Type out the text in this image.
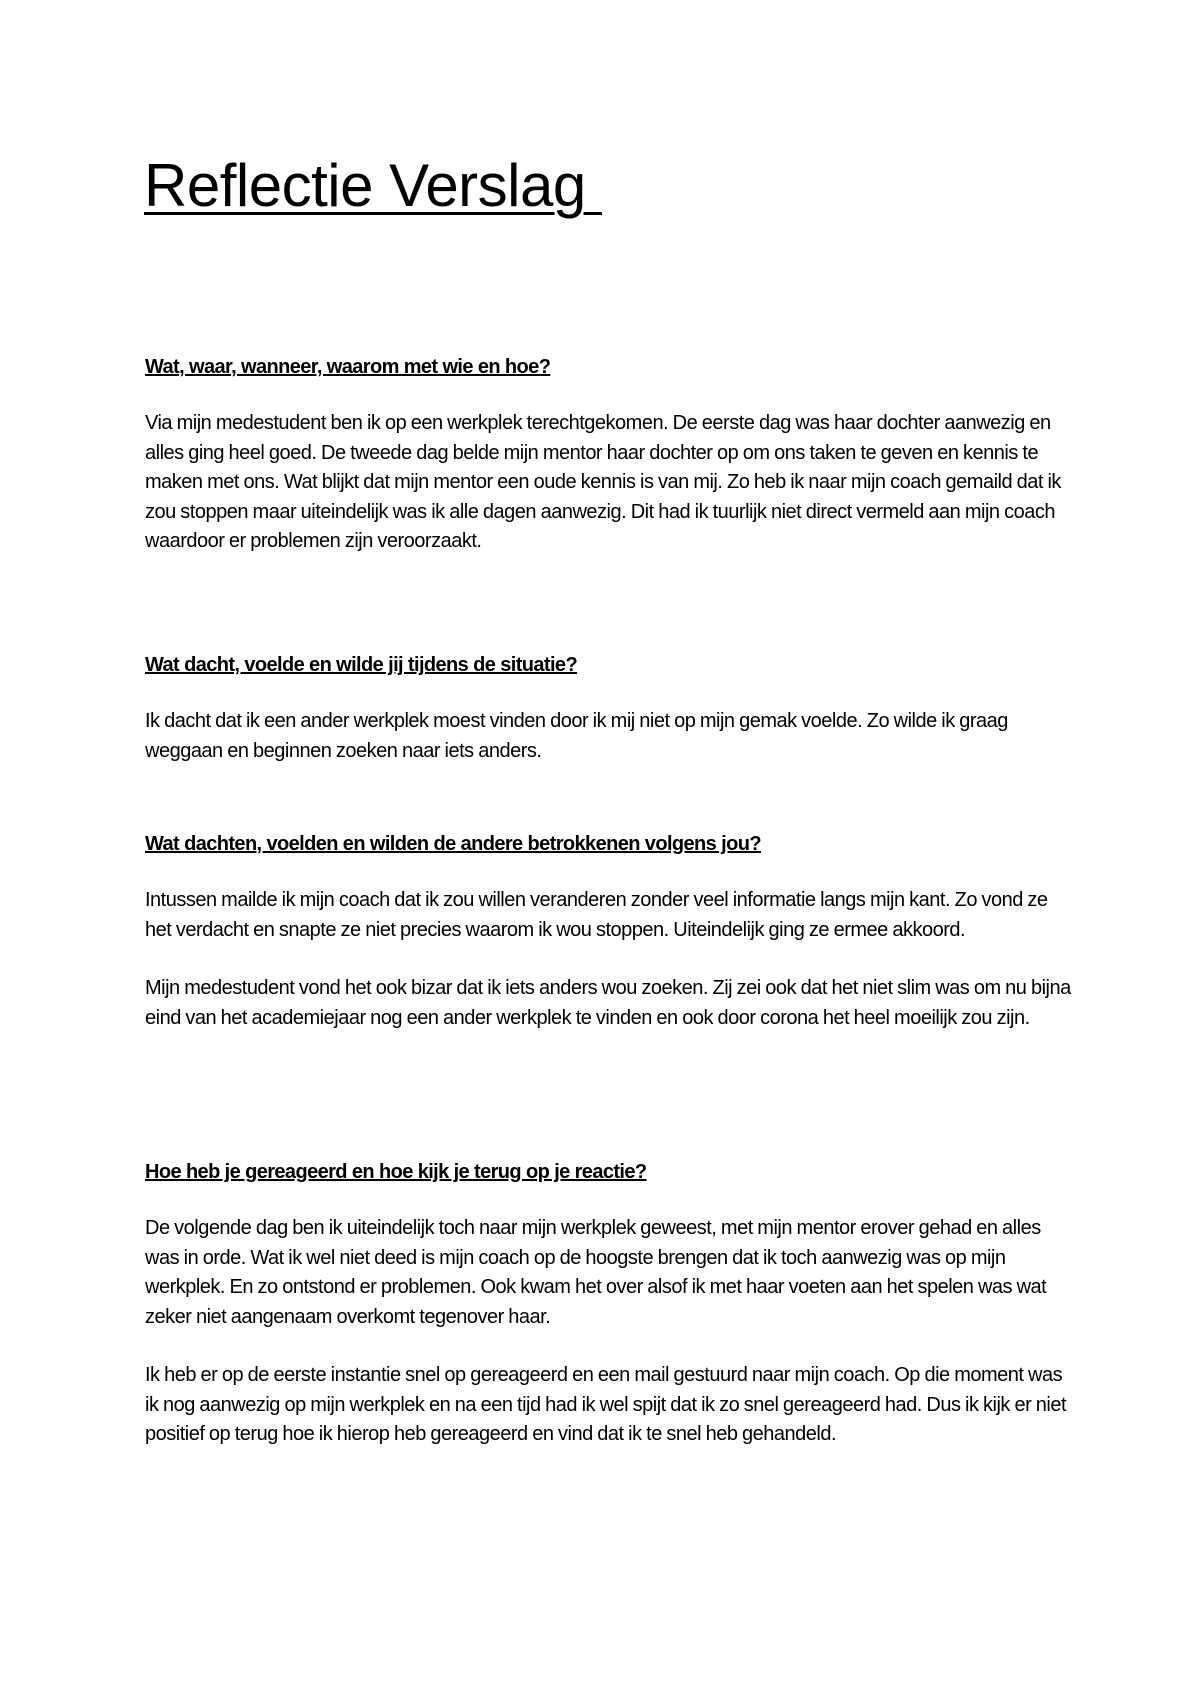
Reflectie Verslag
Wat, waar, wanneer, waarom met wie en hoe?

Via mijn medestudent ben ik op een werkplek terechtgekomen. De eerste dag was haar dochter aanwezig en alles ging heel goed. De tweede dag belde mijn mentor haar dochter op om ons taken te geven en kennis te maken met ons. Wat blijkt dat mijn mentor een oude kennis is van mij. Zo heb ik naar mijn coach gemaild dat ik zou stoppen maar uiteindelijk was ik alle dagen aanwezig. Dit had ik tuurlijk niet direct vermeld aan mijn coach waardoor er problemen zijn veroorzaakt.

Wat dacht, voelde en wilde jij tijdens de situatie?

Ik dacht dat ik een ander werkplek moest vinden door ik mij niet op mijn gemak voelde. Zo wilde ik graag weggaan en beginnen zoeken naar iets anders.

Wat dachten, voelden en wilden de andere betrokkenen volgens jou?

Intussen mailde ik mijn coach dat ik zou willen veranderen zonder veel informatie langs mijn kant. Zo vond ze het verdacht en snapte ze niet precies waarom ik wou stoppen. Uiteindelijk ging ze ermee akkoord.

Mijn medestudent vond het ook bizar dat ik iets anders wou zoeken. Zij zei ook dat het niet slim was om nu bijna eind van het academiejaar nog een ander werkplek te vinden en ook door corona het heel moeilijk zou zijn.

Hoe heb je gereageerd en hoe kijk je terug op je reactie?

De volgende dag ben ik uiteindelijk toch naar mijn werkplek geweest, met mijn mentor erover gehad en alles was in orde. Wat ik wel niet deed is mijn coach op de hoogste brengen dat ik toch aanwezig was op mijn werkplek. En zo ontstond er problemen. Ook kwam het over alsof ik met haar voeten aan het spelen was wat zeker niet aangenaam overkomt tegenover haar.

Ik heb er op de eerste instantie snel op gereageerd en een mail gestuurd naar mijn coach. Op die moment was ik nog aanwezig op mijn werkplek en na een tijd had ik wel spijt dat ik zo snel gereageerd had. Dus ik kijk er niet positief op terug hoe ik hierop heb gereageerd en vind dat ik te snel heb gehandeld.
